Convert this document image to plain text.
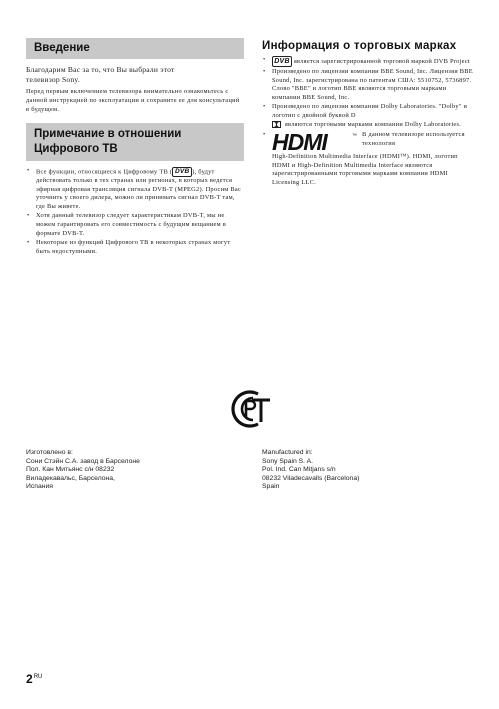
Введение

Благодарим Вас за то, что Вы выбрали этот
телевизор Sony.

Перед первым включением телевизора внимательно ознакомьтесь с данной инструкцией по эксплуатации и сохраните ее для консультаций в будущем.

Примечание в отношении
Цифрового ТВ
• Все функции, относящиеся к Цифровому ТВ ( DVB ), будут действовать только в тех странах или регионах, в которых ведется эфирная цифровая трансляция сигнала DVB-T (MPEG2). Просим Вас уточнить у своего дилера, можно ли принимать сигнал DVB-T там, где Вы живете.
• Хотя данный телевизор следует характеристикам DVB-T, мы не можем гарантировать его совместимость с будущим вещанием в формате DVB-T.
• Некоторые из функций Цифрового ТВ в некоторых странах могут быть недоступными.
Информация о торговых марках
• DVB является зарегистрированной торговой маркой DVB Project
• Произведено по лицензии компании BBE Sound, Inc. Лицензия BBE Sound, Inc. зарегистрирована по патентам США: 5510752, 5736897. Слово "BBE" и логотип BBE являются торговыми марками компании BBE Sound, Inc.
• Произведено по лицензии компании Dolby Laboratories. "Dolby" и логотип с двойной буквой D
являются торговыми марками компании Dolby Laboratories.
• HDMI	™ В данном телевизоре используется технология
High-Definition Multimedia Interface (HDMI™). HDMI, логотип HDMI и High-Definition Multimedia Interface являются зарегистрированными торговыми марками компании HDMI Licensing LLC.
РСТ
Изготовлено в:
Сони Стэйн С.А. завод в Барселоне
Пол. Кан Митьянс с/н 08232
Виладекавальс, Барселона,
Испания
Manufactured in:
Sony Spain S. A.
Pol. Ind. Can Mitjans s/n
08232 Viladecavalls (Barcelona)
Spain
$2^{RU}$
